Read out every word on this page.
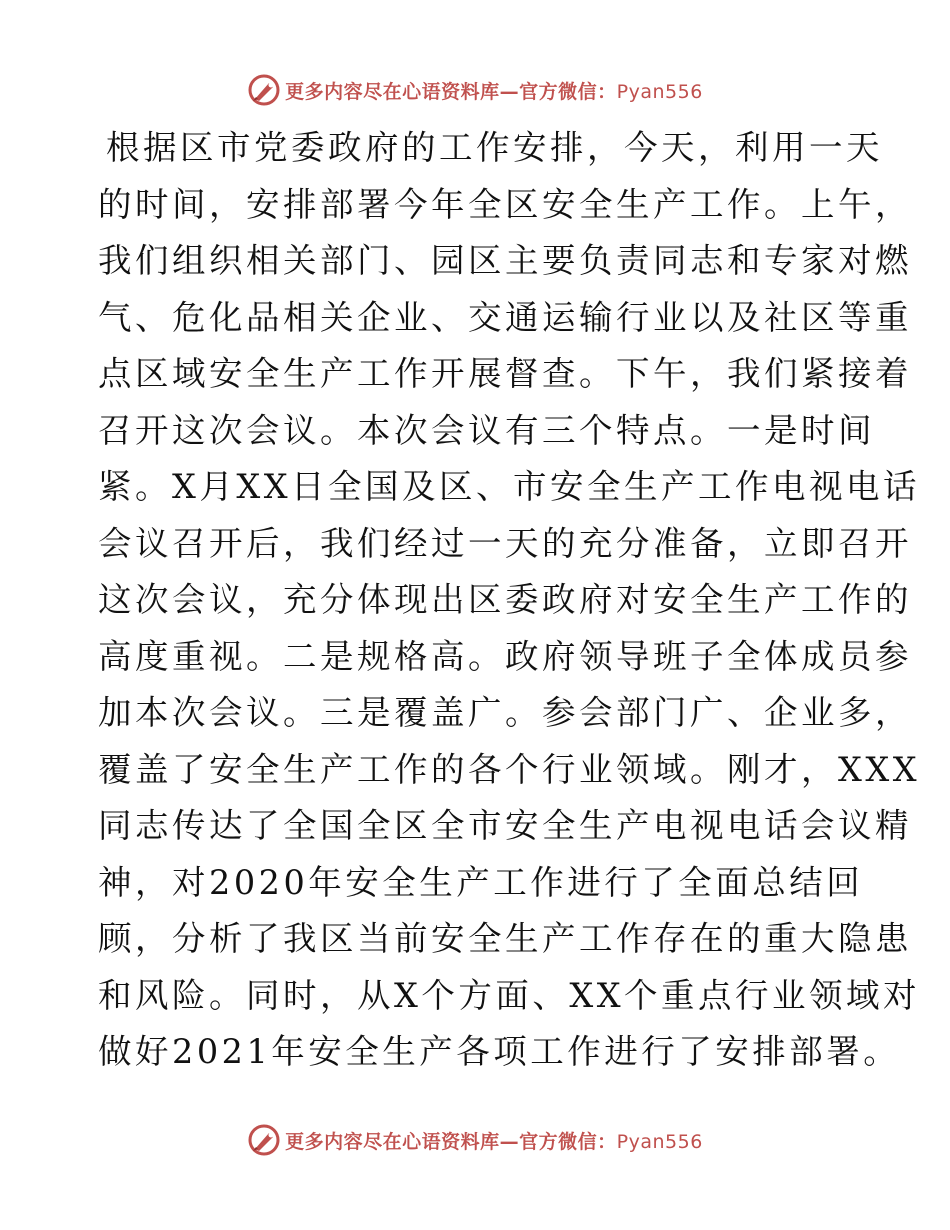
更多内容尽在心语资料库—官方微信：Pyan556
根据区市党委政府的工作安排，今天，利用一天
的时间，安排部署今年全区安全生产工作。上午，
我们组织相关部门、园区主要负责同志和专家对燃
气、危化品相关企业、交通运输行业以及社区等重
点区域安全生产工作开展督查。下午，我们紧接着
召开这次会议。本次会议有三个特点。一是时间
紧。X月XX日全国及区、市安全生产工作电视电话
会议召开后，我们经过一天的充分准备，立即召开
这次会议，充分体现出区委政府对安全生产工作的
高度重视。二是规格高。政府领导班子全体成员参
加本次会议。三是覆盖广。参会部门广、企业多，
覆盖了安全生产工作的各个行业领域。刚才，XXX
同志传达了全国全区全市安全生产电视电话会议精
神，对2020年安全生产工作进行了全面总结回
顾，分析了我区当前安全生产工作存在的重大隐患
和风险。同时，从X个方面、XX个重点行业领域对
做好2021年安全生产各项工作进行了安排部署。
更多内容尽在心语资料库—官方微信：Pyan556
